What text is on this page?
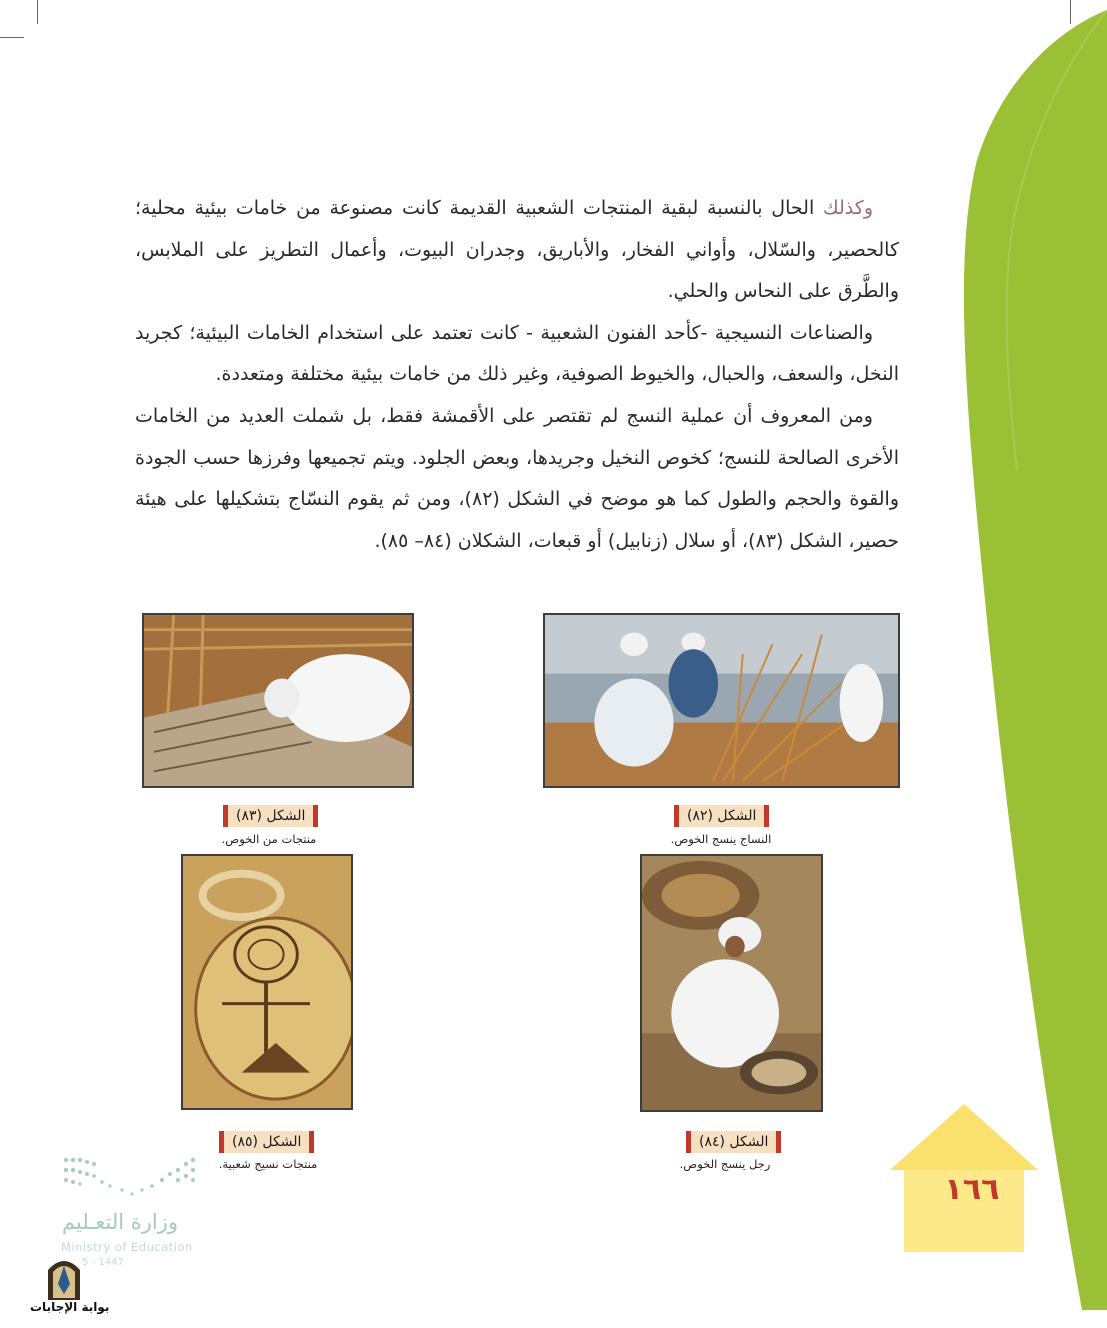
وكذلك الحال بالنسبة لبقية المنتجات الشعبية القديمة كانت مصنوعة من خامات بيئية محلية؛ كالحصير، والسّلال، وأواني الفخار، والأباريق، وجدران البيوت، وأعمال التطريز على الملابس، والطَّرق على النحاس والحلي.

والصناعات النسيجية -كأحد الفنون الشعبية - كانت تعتمد على استخدام الخامات البيئية؛ كجريد النخل، والسعف، والحبال، والخيوط الصوفية، وغير ذلك من خامات بيئية مختلفة ومتعددة.

ومن المعروف أن عملية النسج لم تقتصر على الأقمشة فقط، بل شملت العديد من الخامات الأخرى الصالحة للنسج؛ كخوص النخيل وجريدها، وبعض الجلود. ويتم تجميعها وفرزها حسب الجودة والقوة والحجم والطول كما هو موضح في الشكل (٨٢)، ومن ثم يقوم النسّاج بتشكيلها على هيئة حصير، الشكل (٨٣)، أو سلال (زنابيل) أو قبعات، الشكلان (٨٤– ٨٥).

الشكل (٨٢)
النساج ينسج الخوص.
الشكل (٨٣)
منتجات من الخوص.
الشكل (٨٤)
رجل ينسج الخوص.
الشكل (٨٥)
منتجات نسيج شعبية.
١٦٦
وزارة التعـليم
Ministry of Education
5 - 1447
بوابة الإجابات
